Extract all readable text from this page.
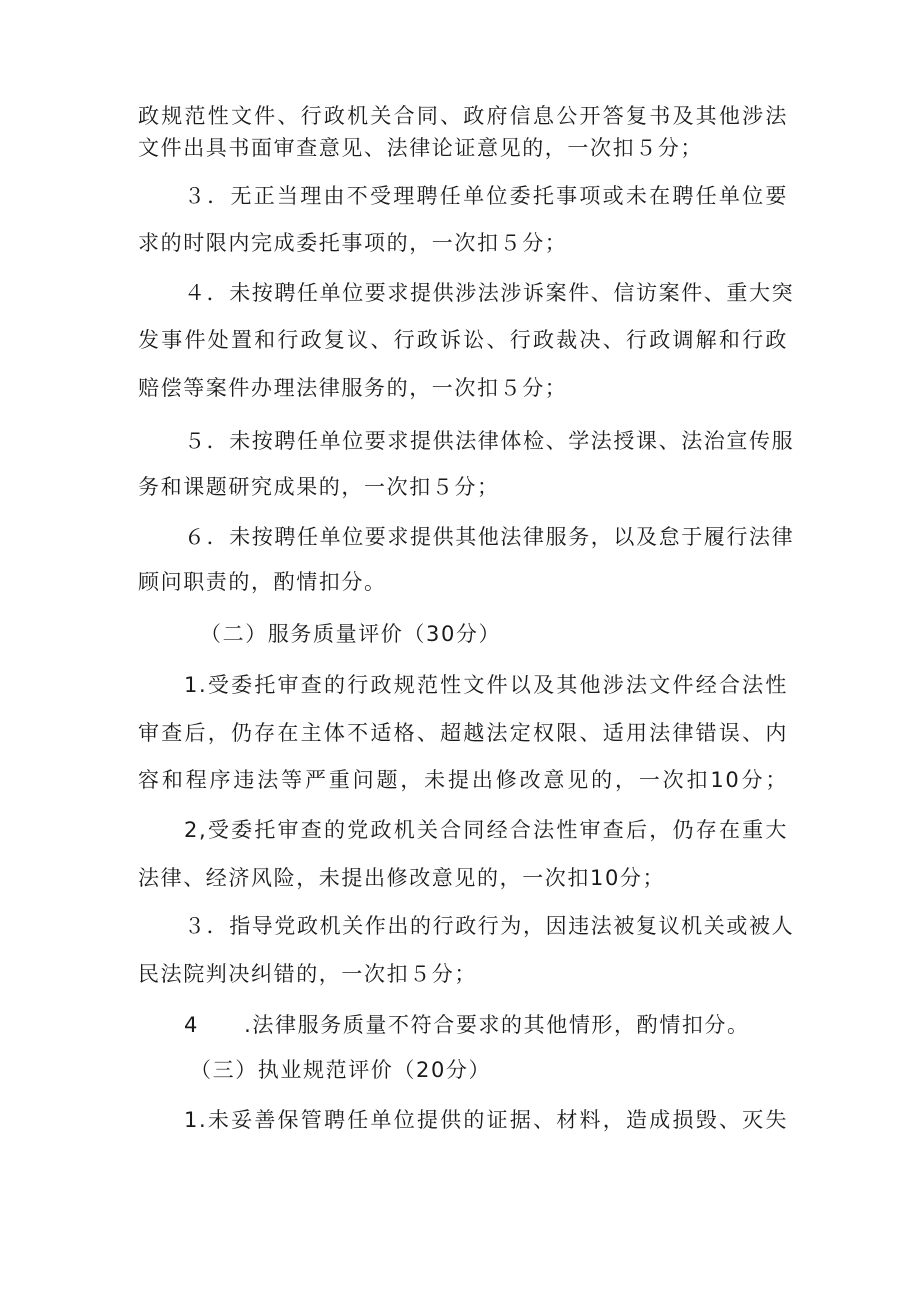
政规范性文件、行政机关合同、政府信息公开答复书及其他涉法
文件出具书面审查意见、法律论证意见的，一次扣５分；
３．无正当理由不受理聘任单位委托事项或未在聘任单位要
求的时限内完成委托事项的，一次扣５分；
４．未按聘任单位要求提供涉法涉诉案件、信访案件、重大突
发事件处置和行政复议、行政诉讼、行政裁决、行政调解和行政
赔偿等案件办理法律服务的，一次扣５分；
５．未按聘任单位要求提供法律体检、学法授课、法治宣传服
务和课题研究成果的，一次扣５分；
６．未按聘任单位要求提供其他法律服务，以及怠于履行法律
顾问职责的，酌情扣分。
（二）服务质量评价（30分）
1.受委托审查的行政规范性文件以及其他涉法文件经合法性
审查后，仍存在主体不适格、超越法定权限、适用法律错误、内
容和程序违法等严重问题，未提出修改意见的，一次扣10分；
2,受委托审查的党政机关合同经合法性审查后，仍存在重大
法律、经济风险，未提出修改意见的，一次扣10分；
３．指导党政机关作出的行政行为，因违法被复议机关或被人
民法院判决纠错的，一次扣５分；
4　　.法律服务质量不符合要求的其他情形，酌情扣分。
（三）执业规范评价（20分）
1.未妥善保管聘任单位提供的证据、材料，造成损毁、灭失
